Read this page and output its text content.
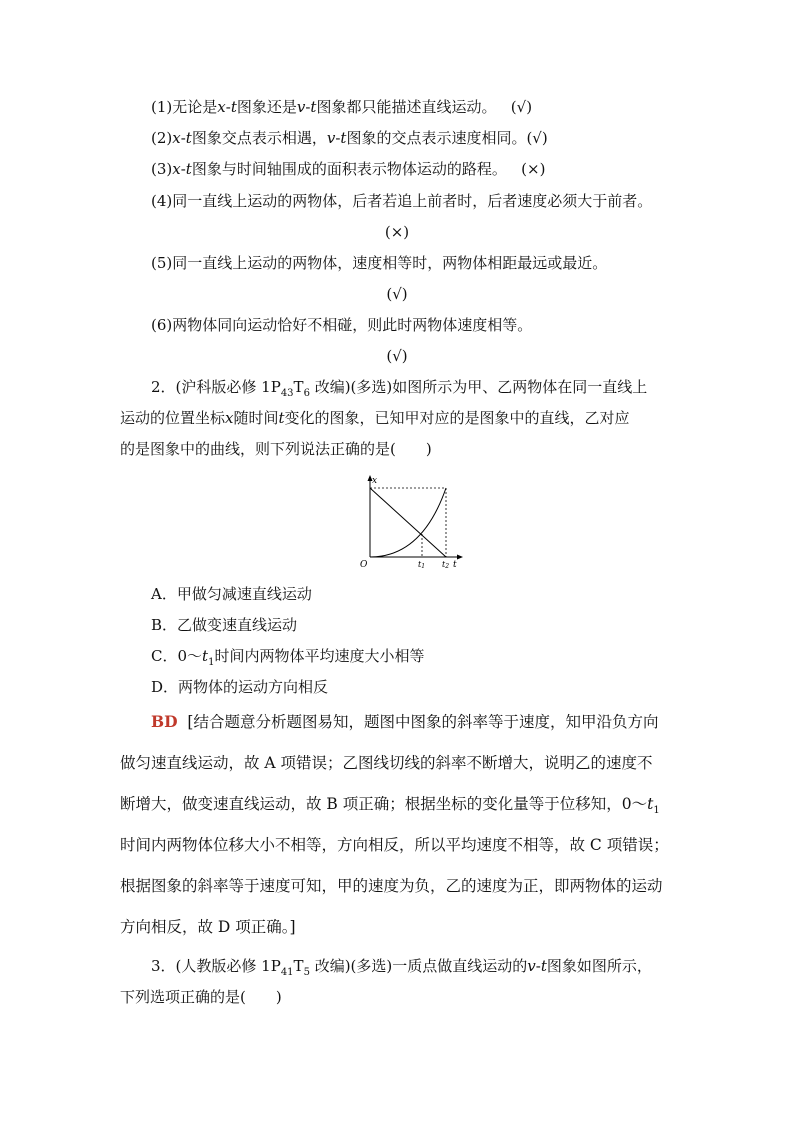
(1)无论是x-t图象还是v-t图象都只能描述直线运动。 (√)
(2)x-t图象交点表示相遇，v-t图象的交点表示速度相同。(√)
(3)x-t图象与时间轴围成的面积表示物体运动的路程。 (×)
(4)同一直线上运动的两物体，后者若追上前者时，后者速度必须大于前者。
(×)
(5)同一直线上运动的两物体，速度相等时，两物体相距最远或最近。
(√)
(6)两物体同向运动恰好不相碰，则此时两物体速度相等。
(√)
2．(沪科版必修 $1P_{43}T_6$ 改编)(多选)如图所示为甲、乙两物体在同一直线上
运动的位置坐标x随时间t变化的图象，已知甲对应的是图象中的直线，乙对应
的是图象中的曲线，则下列说法正确的是(　　)
x
O	t1 t2 t
A．甲做匀减速直线运动
B．乙做变速直线运动
C．$0\sim t_1$时间内两物体平均速度大小相等
D．两物体的运动方向相反
BD [结合题意分析题图易知，题图中图象的斜率等于速度，知甲沿负方向
做匀速直线运动，故 A 项错误；乙图线切线的斜率不断增大，说明乙的速度不
断增大，做变速直线运动，故 B 项正确；根据坐标的变化量等于位移知，$0\sim t_1$
时间内两物体位移大小不相等，方向相反，所以平均速度不相等，故 C 项错误；
根据图象的斜率等于速度可知，甲的速度为负，乙的速度为正，即两物体的运动
方向相反，故 D 项正确。]
3．(人教版必修 $1P_{41}T_5$ 改编)(多选)一质点做直线运动的v-t图象如图所示，
下列选项正确的是(　　)
